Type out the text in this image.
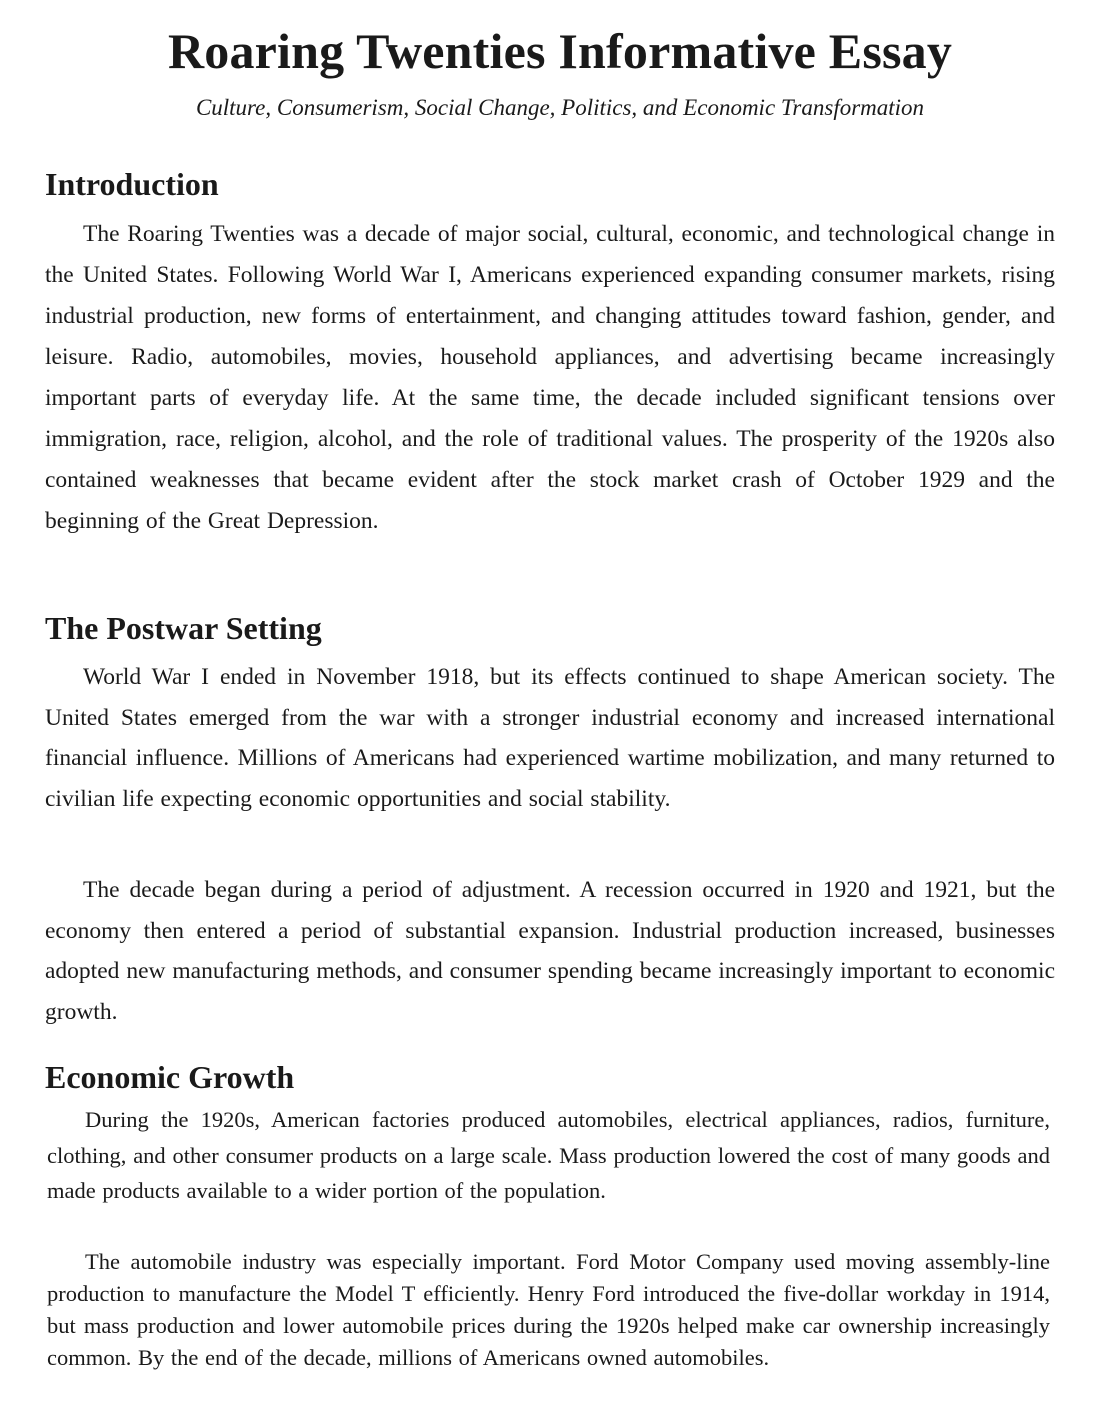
Roaring Twenties Informative Essay

Culture, Consumerism, Social Change, Politics, and Economic Transformation

Introduction

The Roaring Twenties was a decade of major social, cultural, economic, and technological change in the United States. Following World War I, Americans experienced expanding consumer markets, rising industrial production, new forms of entertainment, and changing attitudes toward fashion, gender, and leisure. Radio, automobiles, movies, household appliances, and advertising became increasingly important parts of everyday life. At the same time, the decade included significant tensions over immigration, race, religion, alcohol, and the role of traditional values. The prosperity of the 1920s also contained weaknesses that became evident after the stock market crash of October 1929 and the beginning of the Great Depression.

The Postwar Setting

World War I ended in November 1918, but its effects continued to shape American society. The United States emerged from the war with a stronger industrial economy and increased international financial influence. Millions of Americans had experienced wartime mobilization, and many returned to civilian life expecting economic opportunities and social stability.

The decade began during a period of adjustment. A recession occurred in 1920 and 1921, but the economy then entered a period of substantial expansion. Industrial production increased, businesses adopted new manufacturing methods, and consumer spending became increasingly important to economic growth.

Economic Growth

During the 1920s, American factories produced automobiles, electrical appliances, radios, furniture, clothing, and other consumer products on a large scale. Mass production lowered the cost of many goods and made products available to a wider portion of the population.

The automobile industry was especially important. Ford Motor Company used moving assembly-line production to manufacture the Model T efficiently. Henry Ford introduced the five-dollar workday in 1914, but mass production and lower automobile prices during the 1920s helped make car ownership increasingly common. By the end of the decade, millions of Americans owned automobiles.
